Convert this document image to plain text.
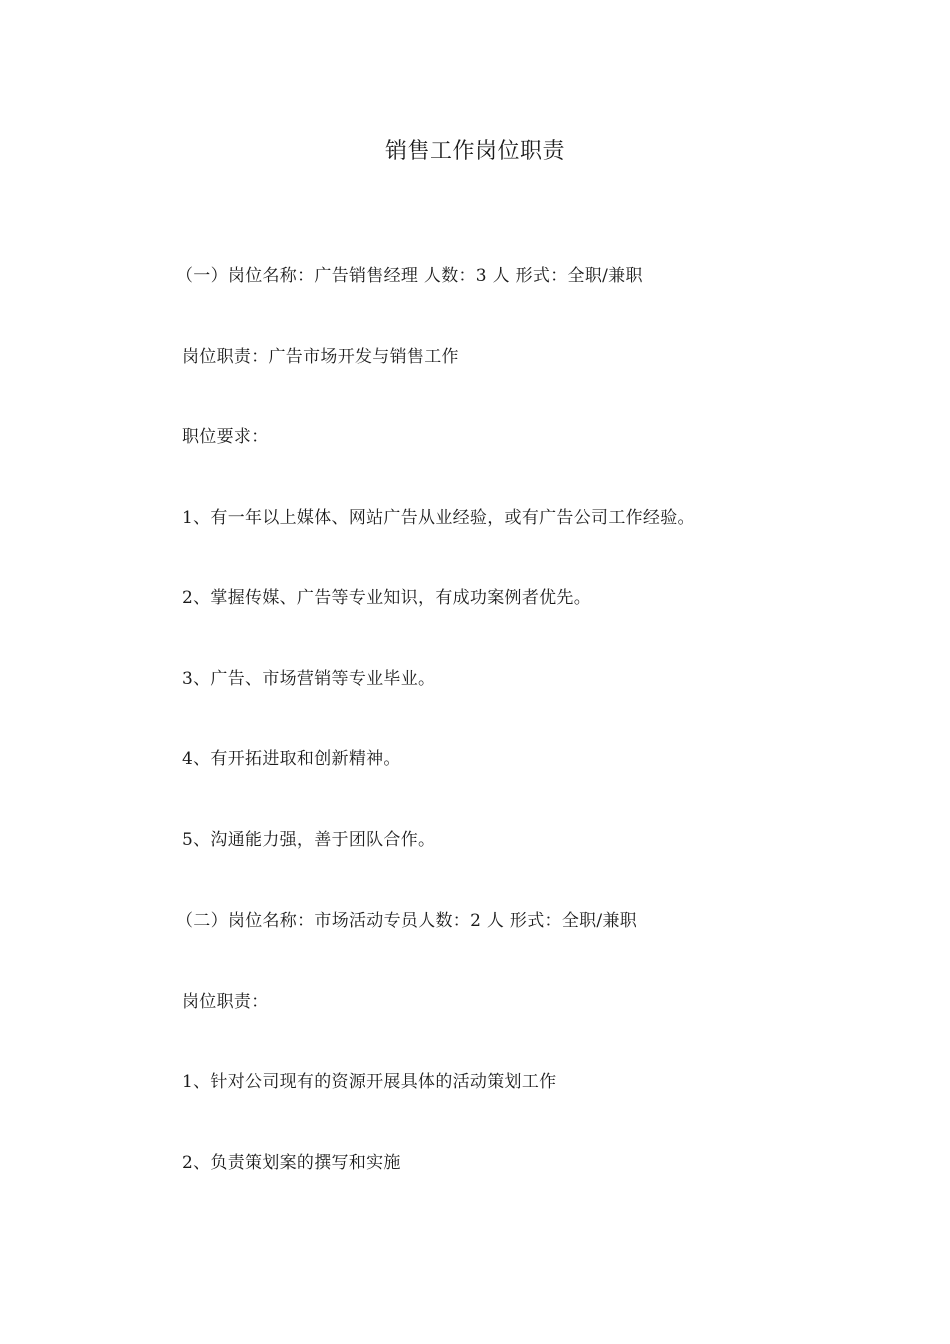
销售工作岗位职责

（一）岗位名称：广告销售经理 人数：3 人 形式：全职/兼职

岗位职责：广告市场开发与销售工作

职位要求：

1、有一年以上媒体、网站广告从业经验，或有广告公司工作经验。

2、掌握传媒、广告等专业知识，有成功案例者优先。

3、广告、市场营销等专业毕业。

4、有开拓进取和创新精神。

5、沟通能力强，善于团队合作。

（二）岗位名称：市场活动专员人数：2 人 形式：全职/兼职

岗位职责：

1、针对公司现有的资源开展具体的活动策划工作

2、负责策划案的撰写和实施
